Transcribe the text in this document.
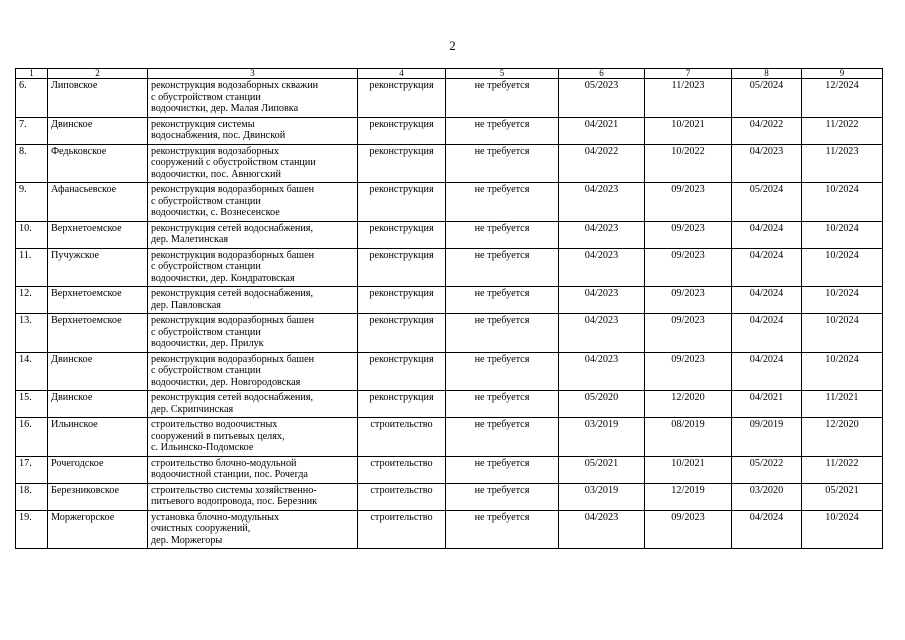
2
1	2	3	4	5	6	7	8	9
6.	Липовское	реконструкция водозаборных скважин
с обустройством станции
водоочистки, дер. Малая Липовка	реконструкция	не требуется	05/2023	11/2023	05/2024	12/2024
7.	Двинское	реконструкция системы
водоснабжения, пос. Двинской	реконструкция	не требуется	04/2021	10/2021	04/2022	11/2022
8.	Федьковское	реконструкция водозаборных
сооружений с обустройством станции
водоочистки, пос. Авнюгский	реконструкция	не требуется	04/2022	10/2022	04/2023	11/2023
9.	Афанасьевское	реконструкция водоразборных башен
с обустройством станции
водоочистки, с. Вознесенское	реконструкция	не требуется	04/2023	09/2023	05/2024	10/2024
10.	Верхнетоемское	реконструкция сетей водоснабжения,
дер. Малетинская	реконструкция	не требуется	04/2023	09/2023	04/2024	10/2024
11.	Пучужское	реконструкция водоразборных башен
с обустройством станции
водоочистки, дер. Кондратовская	реконструкция	не требуется	04/2023	09/2023	04/2024	10/2024
12.	Верхнетоемское	реконструкция сетей водоснабжения,
дер. Павловская	реконструкция	не требуется	04/2023	09/2023	04/2024	10/2024
13.	Верхнетоемское	реконструкция водоразборных башен
с обустройством станции
водоочистки, дер. Прилук	реконструкция	не требуется	04/2023	09/2023	04/2024	10/2024
14.	Двинское	реконструкция водоразборных башен
с обустройством станции
водоочистки, дер. Новгородовская	реконструкция	не требуется	04/2023	09/2023	04/2024	10/2024
15.	Двинское	реконструкция сетей водоснабжения,
дер. Скрипчинская	реконструкция	не требуется	05/2020	12/2020	04/2021	11/2021
16.	Ильинское	строительство водоочистных
сооружений в питьевых целях,
с. Ильинско-Подомское	строительство	не требуется	03/2019	08/2019	09/2019	12/2020
17.	Рочегодское	строительство блочно-модульной
водоочистной станции, пос. Рочегда	строительство	не требуется	05/2021	10/2021	05/2022	11/2022
18.	Березниковское	строительство системы хозяйственно-
питьевого водопровода, пос. Березник	строительство	не требуется	03/2019	12/2019	03/2020	05/2021
19.	Моржегорское	установка блочно-модульных
очистных сооружений,
дер. Моржегоры	строительство	не требуется	04/2023	09/2023	04/2024	10/2024
